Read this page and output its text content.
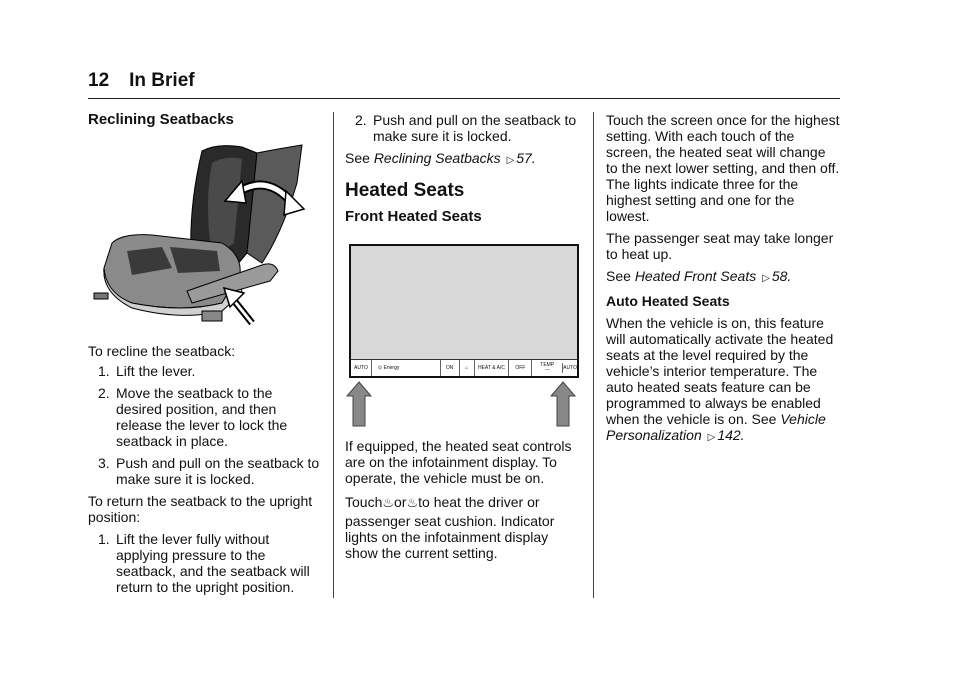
12 In Brief
Reclining Seatbacks

To recline the seatback:

1. Lift the lever.
2. Move the seatback to the desired position, and then release the lever to lock the seatback in place.
3. Push and pull on the seatback to make sure it is locked.

To return the seatback to the upright position:

1. Lift the lever fully without applying pressure to the seatback, and the seatback will return to the upright position.
2. Push and pull on the seatback to make sure it is locked.

See Reclining Seatbacks ▷ 57.

Heated Seats
Front Heated Seats
AUTO	⊙ Energy	ON	⌂	HEAT & A/C	OFF	TEMP
---	AUTO

If equipped, the heated seat controls are on the infotainment display. To operate, the vehicle must be on.

Touch♨or♨to heat the driver or

passenger seat cushion. Indicator lights on the infotainment display show the current setting.

Touch the screen once for the highest setting. With each touch of the screen, the heated seat will change to the next lower setting, and then off. The lights indicate three for the highest setting and one for the lowest.

The passenger seat may take longer to heat up.

See Heated Front Seats ▷ 58.

Auto Heated Seats

When the vehicle is on, this feature will automatically activate the heated seats at the level required by the vehicle’s interior temperature. The auto heated seats feature can be programmed to always be enabled when the vehicle is on. See Vehicle Personalization ▷ 142.
